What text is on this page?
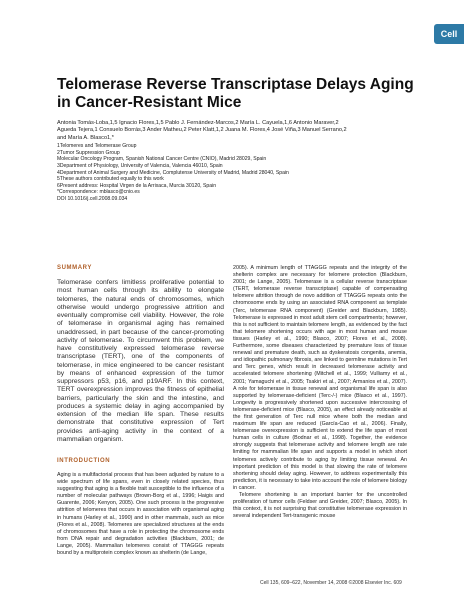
Cell
Telomerase Reverse Transcriptase Delays Aging in Cancer-Resistant Mice
Antonia Tomás-Loba,1,5 Ignacio Flores,1,5 Pablo J. Fernández-Marcos,2 María L. Cayuela,1,6 Antonio Maraver,2
Agueda Tejera,1 Consuelo Borrás,3 Ander Matheu,2 Peter Klatt,1,2 Juana M. Flores,4 José Viña,3 Manuel Serrano,2
and María A. Blasco1,*
1Telomeres and Telomerase Group
2Tumor Suppression Group
Molecular Oncology Program, Spanish National Cancer Centre (CNIO), Madrid 28029, Spain
3Department of Physiology, University of Valencia, Valencia 46010, Spain
4Department of Animal Surgery and Medicine, Complutense University of Madrid, Madrid 28040, Spain
5These authors contributed equally to this work
6Present address: Hospital Virgen de la Arrixaca, Murcia 30120, Spain
*Correspondence: mblasco@cnio.es
DOI 10.1016/j.cell.2008.09.034
SUMMARY
Telomerase confers limitless proliferative potential to most human cells through its ability to elongate telomeres, the natural ends of chromosomes, which otherwise would undergo progressive attrition and eventually compromise cell viability. However, the role of telomerase in organismal aging has remained unaddressed, in part because of the cancer-promoting activity of telomerase. To circumvent this problem, we have constitutively expressed telomerase reverse transcriptase (TERT), one of the components of telomerase, in mice engineered to be cancer resistant by means of enhanced expression of the tumor suppressors p53, p16, and p19ARF. In this context, TERT overexpression improves the fitness of epithelial barriers, particularly the skin and the intestine, and produces a systemic delay in aging accompanied by extension of the median life span. These results demonstrate that constitutive expression of Tert provides anti-aging activity in the context of a mammalian organism.
INTRODUCTION

Aging is a multifactorial process that has been adjusted by nature to a wide spectrum of life spans, even in closely related species, thus suggesting that aging is a flexible trait susceptible to the influence of a number of molecular pathways (Brown-Borg et al., 1996; Haigis and Guarente, 2006; Kenyon, 2005). One such process is the progressive attrition of telomeres that occurs in association with organismal aging in humans (Harley et al., 1990) and in other mammals, such as mice (Flores et al., 2008). Telomeres are specialized structures at the ends of chromosomes that have a role in protecting the chromosome ends from DNA repair and degradation activities (Blackburn, 2001; de Lange, 2005). Mammalian telomeres consist of TTAGGG repeats bound by a multiprotein complex known as shelterin (de Lange,

2005). A minimum length of TTAGGG repeats and the integrity of the shelterin complex are necessary for telomere protection (Blackburn, 2001; de Lange, 2005). Telomerase is a cellular reverse transcriptase (TERT, telomerase reverse transcriptase) capable of compensating telomere attrition through de novo addition of TTAGGG repeats onto the chromosome ends by using an associated RNA component as template (Terc, telomerase RNA component) (Greider and Blackburn, 1985). Telomerase is expressed in most adult stem cell compartments; however, this is not sufficient to maintain telomere length, as evidenced by the fact that telomere shortening occurs with age in most human and mouse tissues (Harley et al., 1990; Blasco, 2007; Flores et al., 2008). Furthermore, some diseases characterized by premature loss of tissue renewal and premature death, such as dyskeratosis congenita, anemia, and idiopathic pulmonary fibrosis, are linked to germline mutations in Tert and Terc genes, which result in decreased telomerase activity and accelerated telomere shortening (Mitchell et al., 1999; Vulliamy et al., 2001; Yamaguchi et al., 2005; Tsakiri et al., 2007; Armanios et al., 2007). A role for telomerase in tissue renewal and organismal life span is also supported by telomerase-deficient (Terc-/-) mice (Blasco et al., 1997). Longevity is progressively shortened upon successive intercrossing of telomerase-deficient mice (Blasco, 2005), an effect already noticeable at the first generation of Terc null mice where both the median and maximum life span are reduced (García-Cao et al., 2006). Finally, telomerase overexpression is sufficient to extend the life span of most human cells in culture (Bodnar et al., 1998). Together, the evidence strongly suggests that telomerase activity and telomere length are rate limiting for mammalian life span and supports a model in which short telomeres actively contribute to aging by limiting tissue renewal. An important prediction of this model is that slowing the rate of telomere shortening should delay aging. However, to address experimentally this prediction, it is necessary to take into account the role of telomere biology in cancer.

Telomere shortening is an important barrier for the uncontrolled proliferation of tumor cells (Feldser and Greider, 2007; Blasco, 2005). In this context, it is not surprising that constitutive telomerase expression in several independent Tert-transgenic mouse

Cell 135, 609–622, November 14, 2008 ©2008 Elsevier Inc. 609
